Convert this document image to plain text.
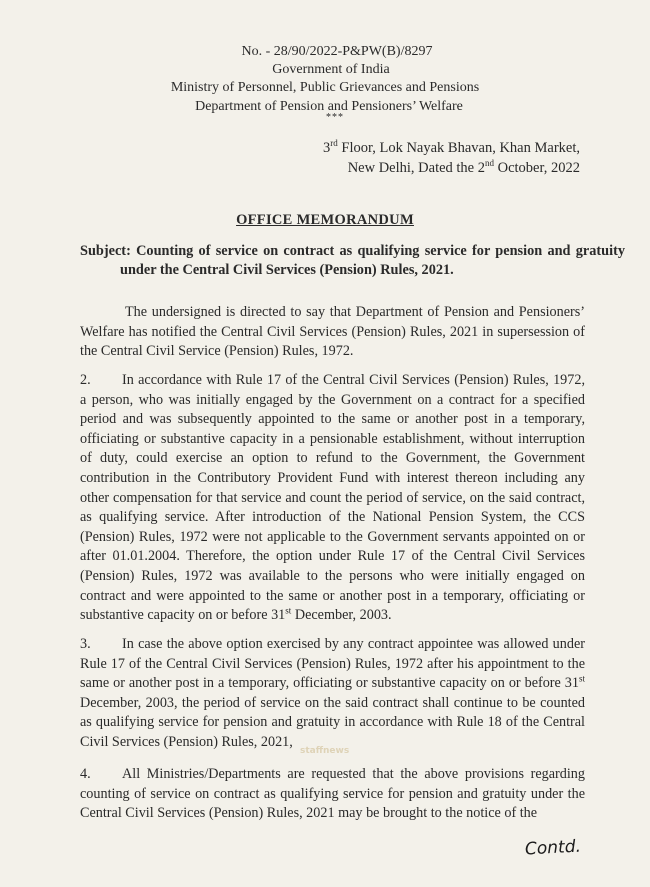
No. - 28/90/2022-P&PW(B)/8297
Government of India
Ministry of Personnel, Public Grievances and Pensions
Department of Pension and Pensioners’ Welfare
***
3rd Floor, Lok Nayak Bhavan, Khan Market,
New Delhi, Dated the 2nd October, 2022
OFFICE MEMORANDUM
Subject: Counting of service on contract as qualifying service for pension and gratuity under the Central Civil Services (Pension) Rules, 2021.
The undersigned is directed to say that Department of Pension and Pensioners’ Welfare has notified the Central Civil Services (Pension) Rules, 2021 in supersession of the Central Civil Service (Pension) Rules, 1972.
2. In accordance with Rule 17 of the Central Civil Services (Pension) Rules, 1972, a person, who was initially engaged by the Government on a contract for a specified period and was subsequently appointed to the same or another post in a temporary, officiating or substantive capacity in a pensionable establishment, without interruption of duty, could exercise an option to refund to the Government, the Government contribution in the Contributory Provident Fund with interest thereon including any other compensation for that service and count the period of service, on the said contract, as qualifying service. After introduction of the National Pension System, the CCS (Pension) Rules, 1972 were not applicable to the Government servants appointed on or after 01.01.2004. Therefore, the option under Rule 17 of the Central Civil Services (Pension) Rules, 1972 was available to the persons who were initially engaged on contract and were appointed to the same or another post in a temporary, officiating or substantive capacity on or before 31st December, 2003.
3. In case the above option exercised by any contract appointee was allowed under Rule 17 of the Central Civil Services (Pension) Rules, 1972 after his appointment to the same or another post in a temporary, officiating or substantive capacity on or before 31st December, 2003, the period of service on the said contract shall continue to be counted as qualifying service for pension and gratuity in accordance with Rule 18 of the Central Civil Services (Pension) Rules, 2021,
staffnews
4. All Ministries/Departments are requested that the above provisions regarding counting of service on contract as qualifying service for pension and gratuity under the Central Civil Services (Pension) Rules, 2021 may be brought to the notice of the
Contd.
